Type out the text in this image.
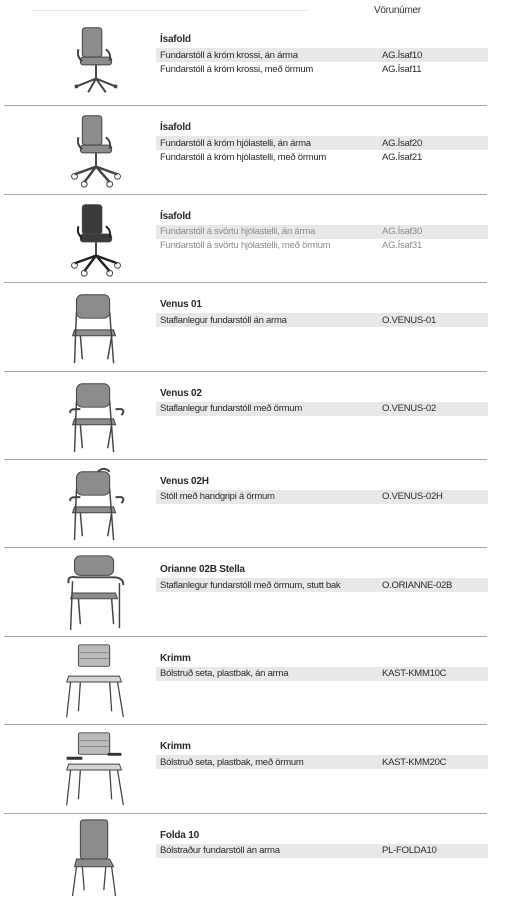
Vörunúmer
Ísafold
Fundarstóll á króm krossi, án árma	AG.Ísaf10
Fundarstóll á króm krossi, með örmum	AG.Ísaf11
Ísafold
Fundarstóll á króm hjólastelli, án árma	AG.Ísaf20
Fundarstóll á króm hjólastelli, með örmum	AG.Ísaf21
Ísafold
Fundarstóll á svörtu hjólastelli, án árma	AG.Ísaf30
Fundarstóll á svörtu hjólastelli, með örmum	AG.Ísaf31
Venus 01
Staflanlegur fundarstóll án arma	O.VENUS-01
Venus 02
Staflanlegur fundarstóll með örmum	O.VENUS-02
Venus 02H
Stóll með handgripi á örmum	O.VENUS-02H
Orianne 02B Stella
Staflanlegur fundarstóll með örmum, stutt bak	O.ORIANNE-02B
Krimm
Bólstruð seta, plastbak, án arma	KAST-KMM10C
Krimm
Bólstruð seta, plastbak, með örmum	KAST-KMM20C
Folda 10
Bólstraður fundarstóll án arma	PL-FOLDA10
